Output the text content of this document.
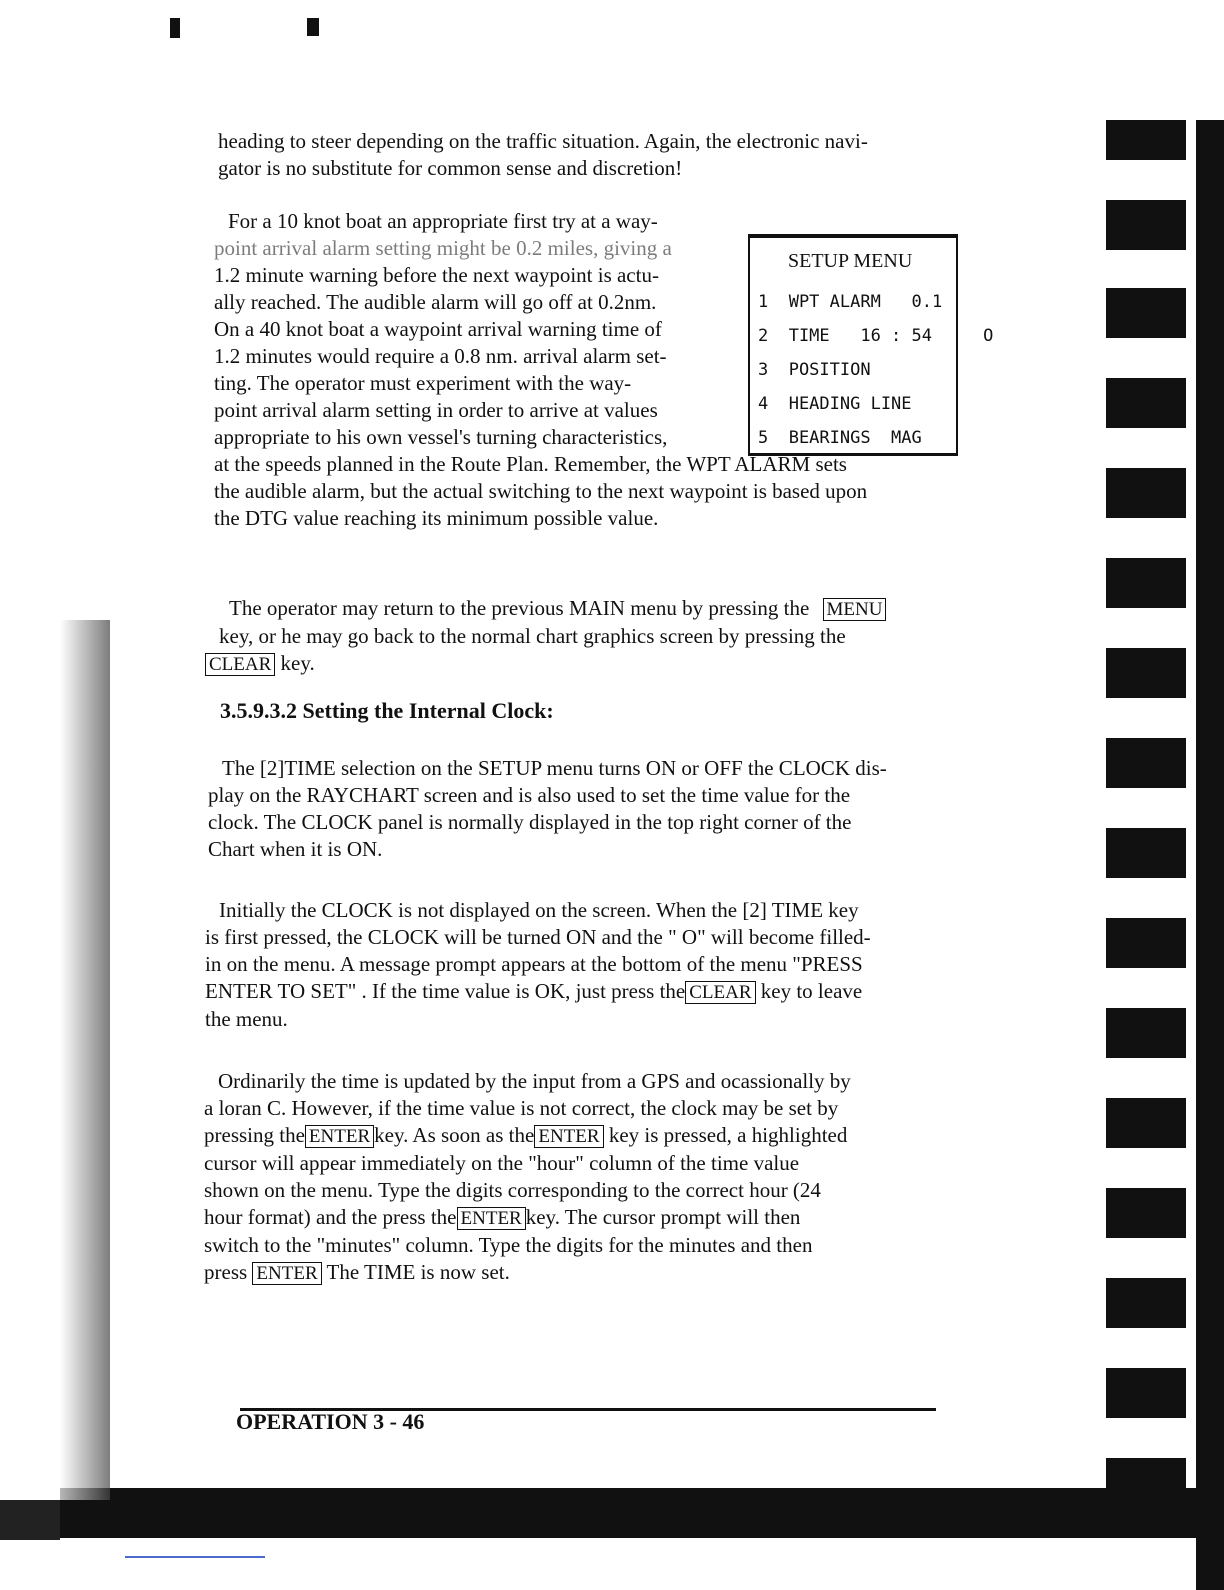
heading to steer depending on the traffic situation. Again, the electronic navi-
gator is no substitute for common sense and discretion!
For a 10 knot boat an appropriate first try at a way-
point arrival alarm setting might be 0.2 miles, giving a
1.2 minute warning before the next waypoint is actu-
ally reached. The audible alarm will go off at 0.2nm.
On a 40 knot boat a waypoint arrival warning time of
1.2 minutes would require a 0.8 nm. arrival alarm set-
ting. The operator must experiment with the way-
point arrival alarm setting in order to arrive at values
appropriate to his own vessel's turning characteristics,
at the speeds planned in the Route Plan. Remember, the WPT ALARM sets
the audible alarm, but the actual switching to the next waypoint is based upon
the DTG value reaching its minimum possible value.
SETUP MENU
1  WPT ALARM   0.1
2  TIME   16 : 54     O
3  POSITION
4  HEADING LINE
5  BEARINGS  MAG
The operator may return to the previous MAIN menu by pressing the MENU
key, or he may go back to the normal chart graphics screen by pressing the
CLEAR key.
3.5.9.3.2 Setting the Internal Clock:
The [2]TIME selection on the SETUP menu turns ON or OFF the CLOCK dis-
play on the RAYCHART screen and is also used to set the time value for the
clock. The CLOCK panel is normally displayed in the top right corner of the
Chart when it is ON.
Initially the CLOCK is not displayed on the screen. When the [2] TIME key
is first pressed, the CLOCK will be turned ON and the " O" will become filled-
in on the menu. A message prompt appears at the bottom of the menu "PRESS
ENTER TO SET" . If the time value is OK, just press the CLEAR key to leave
the menu.
Ordinarily the time is updated by the input from a GPS and ocassionally by
a loran C. However, if the time value is not correct, the clock may be set by
pressing the ENTER key. As soon as the ENTER key is pressed, a highlighted
cursor will appear immediately on the "hour" column of the time value
shown on the menu. Type the digits corresponding to the correct hour (24
hour format) and the press the ENTER key. The cursor prompt will then
switch to the "minutes" column. Type the digits for the minutes and then
press ENTER The TIME is now set.
OPERATION 3 - 46
